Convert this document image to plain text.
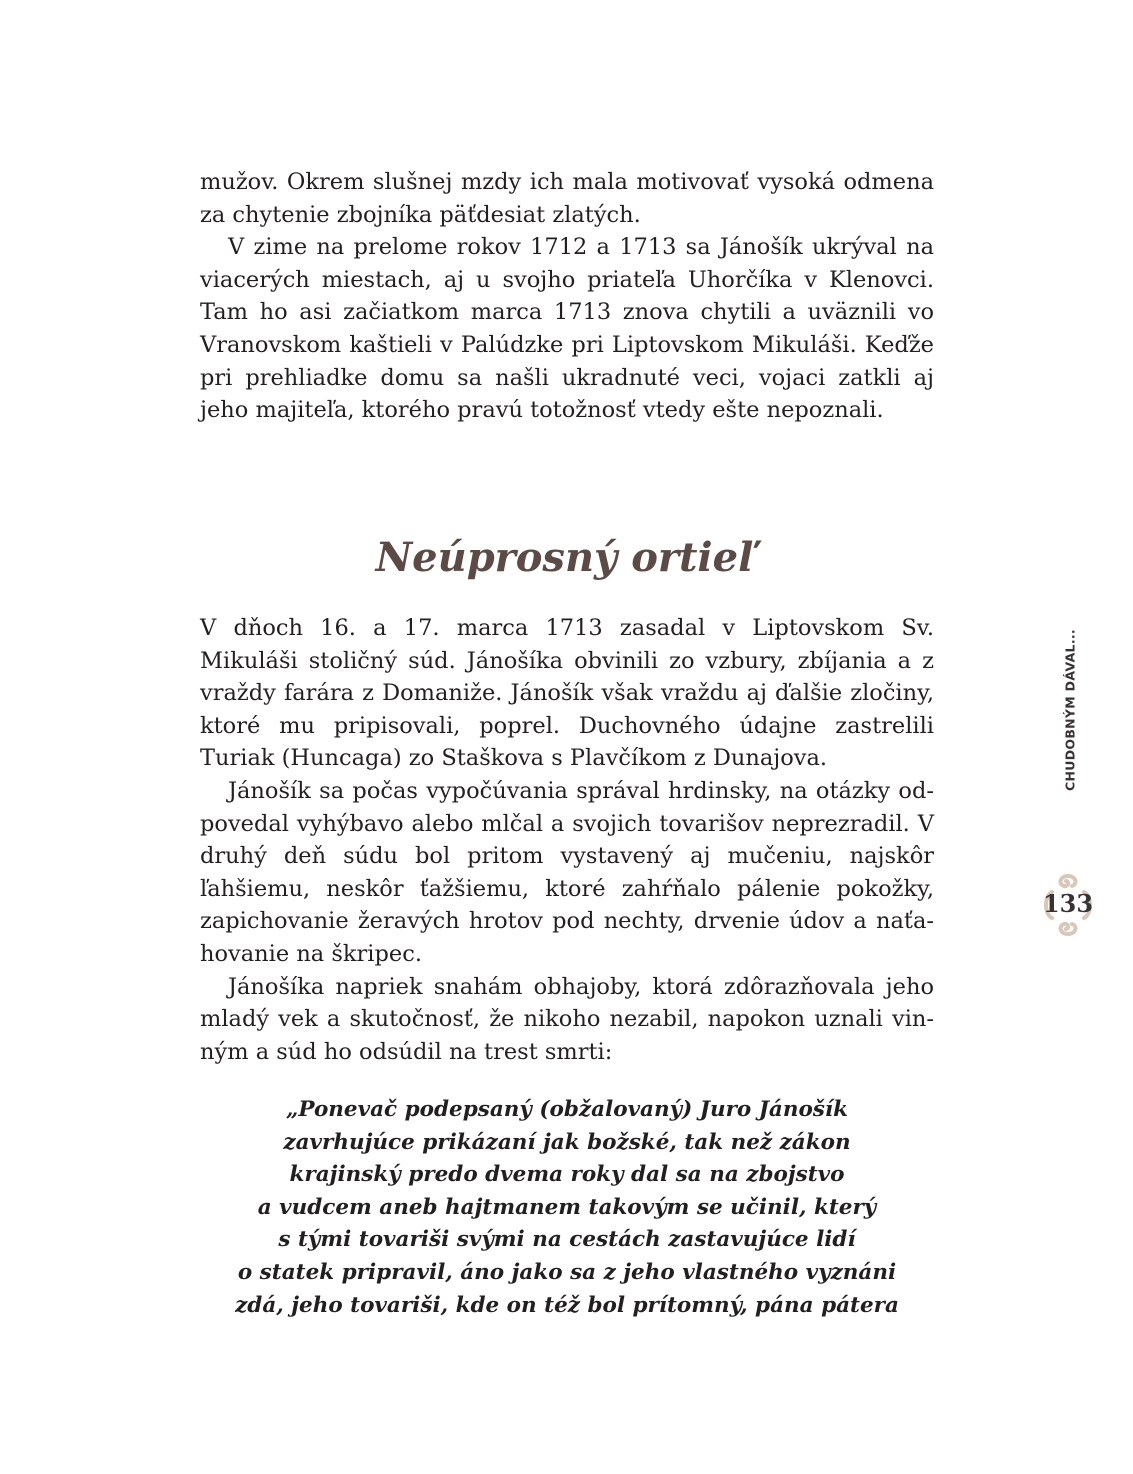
mužov. Okrem slušnej mzdy ich mala motivovať vysoká odmena za chytenie zbojníka päťdesiat zlatých.

V zime na prelome rokov 1712 a 1713 sa Jánošík ukrýval na viacerých miestach, aj u svojho priateľa Uhorčíka v Klenovci. Tam ho asi začiatkom marca 1713 znova chytili a uväznili vo Vranovskom kaštieli v Palúdzke pri Liptovskom Mikuláši. Keďže pri prehliadke domu sa našli ukradnuté veci, vojaci zatkli aj jeho majiteľa, ktorého pravú totožnosť vtedy ešte nepoznali.

Neúprosný ortieľ

V dňoch 16. a 17. marca 1713 zasadal v Liptovskom Sv. Mikuláši stoličný súd. Jánošíka obvinili zo vzbury, zbíjania a z vraždy farára z Domaniže. Jánošík však vraždu aj ďalšie zločiny, ktoré mu pripisovali, poprel. Duchovného údajne zastrelili Turiak (Huncaga) zo Staškova s Plavčíkom z Dunajova.

Jánošík sa počas vypočúvania správal hrdinsky, na otázky odpovedal vyhýbavo alebo mlčal a svojich tovarišov neprezradil. V druhý deň súdu bol pritom vystavený aj mučeniu, najskôr ľahšiemu, neskôr ťažšiemu, ktoré zahŕňalo pálenie pokožky, zapichovanie žeravých hrotov pod nechty, drvenie údov a naťahovanie na škripec.

Jánošíka napriek snahám obhajoby, ktorá zdôrazňovala jeho mladý vek a skutočnosť, že nikoho nezabil, napokon uznali vinným a súd ho odsúdil na trest smrti:

„Ponevač podepsaný (obžalovaný) Juro Jánošík
zavrhujúce prikázaní jak božské, tak než zákon
krajinský predo dvema roky dal sa na zbojstvo
a vudcem aneb hajtmanem takovým se učinil, který
s tými tovariši svými na cestách zastavujúce lidí
o statek pripravil, áno jako sa z jeho vlastného vyznáni
zdá, jeho tovariši, kde on též bol prítomný, pána pátera
CHUDOBNÝM DÁVAL...
133
